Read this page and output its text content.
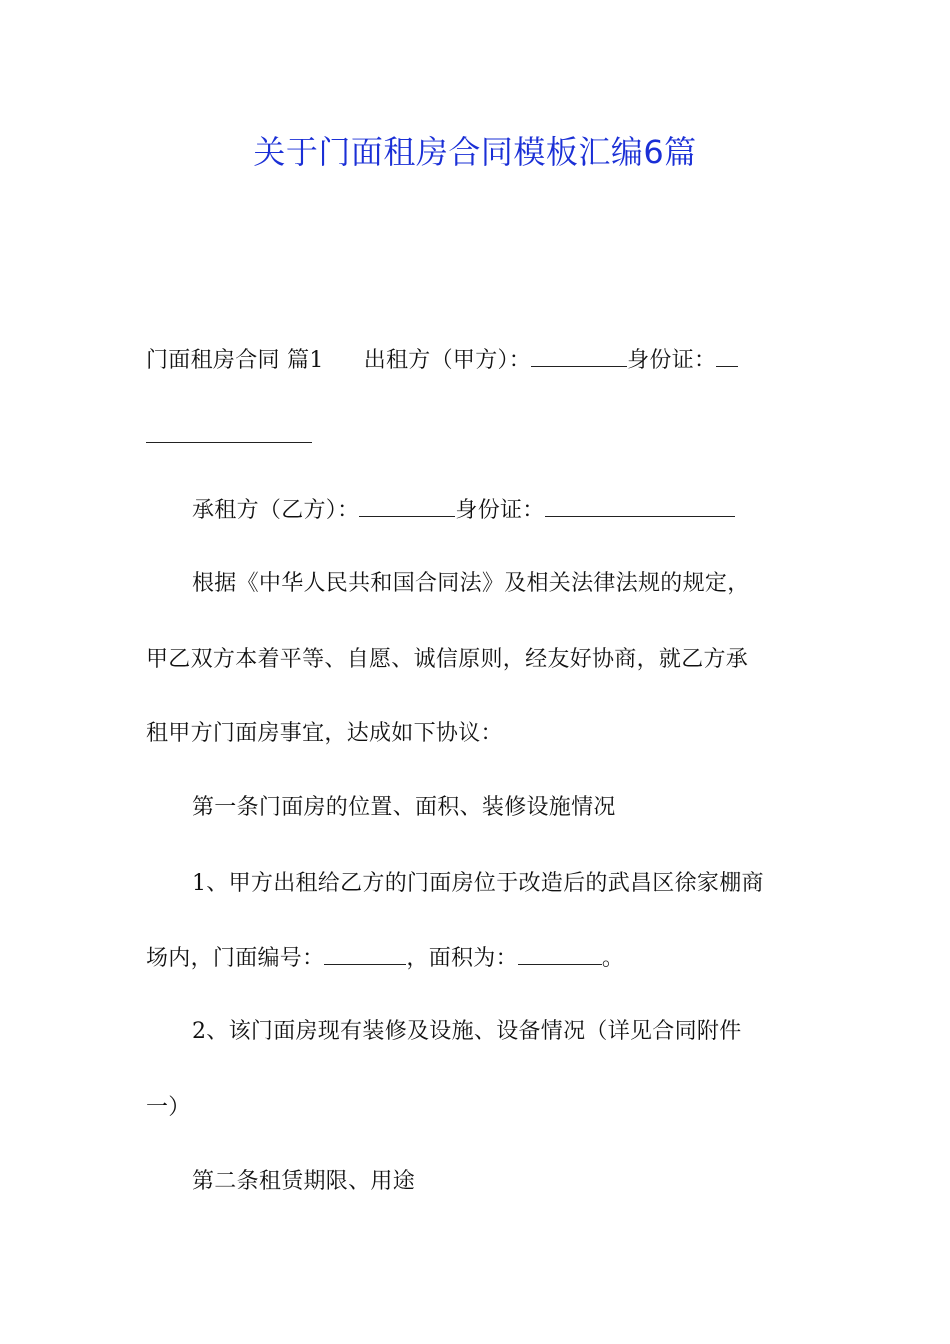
关于门面租房合同模板汇编6篇
门面租房合同 篇1 出租方（甲方）：	身份证：
承租方（乙方）：	身份证：
根据《中华人民共和国合同法》及相关法律法规的规定，
甲乙双方本着平等、自愿、诚信原则，经友好协商，就乙方承
租甲方门面房事宜，达成如下协议：
第一条门面房的位置、面积、装修设施情况
1、甲方出租给乙方的门面房位于改造后的武昌区徐家棚商
场内，门面编号：	，面积为：	。
2、该门面房现有装修及设施、设备情况（详见合同附件
一）
第二条租赁期限、用途
